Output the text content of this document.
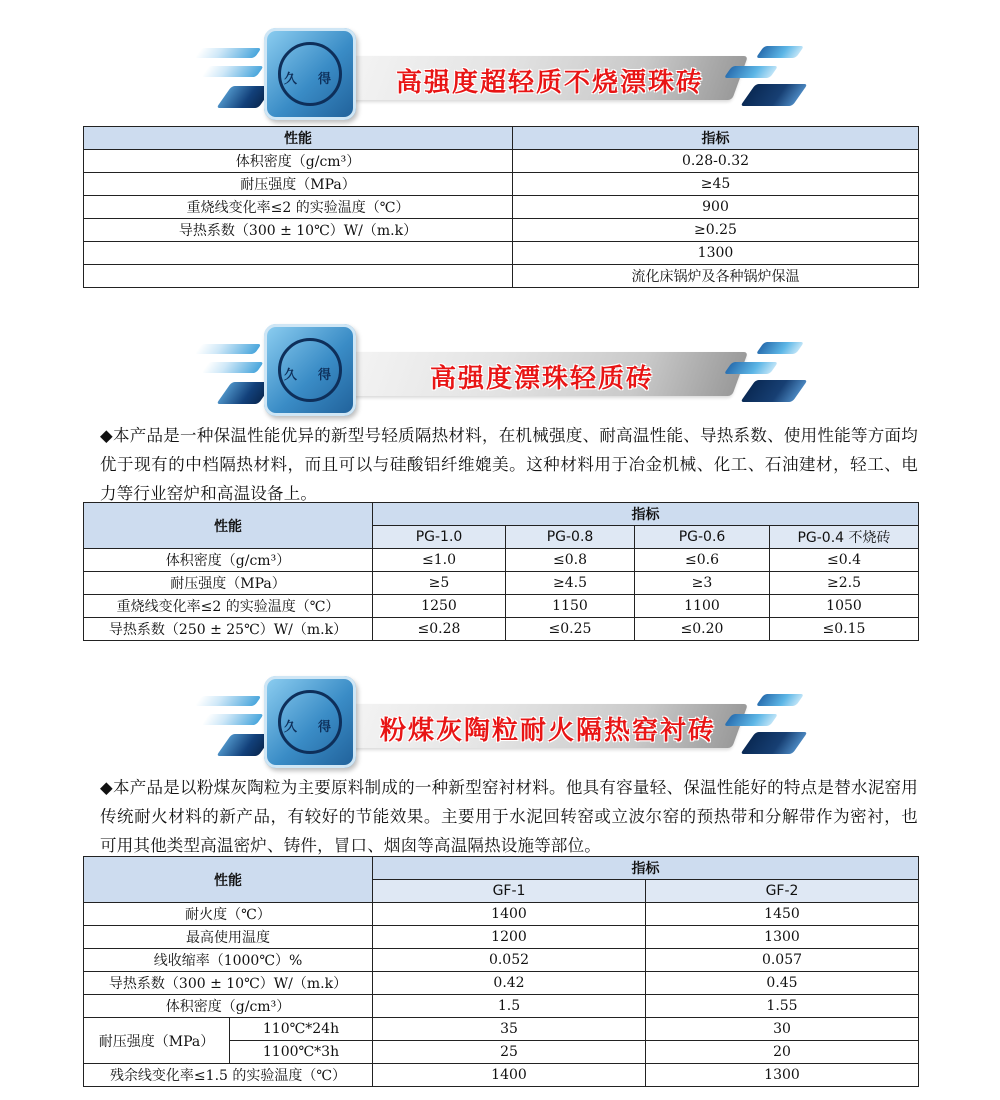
久 得 高强度超轻质不烧漂珠砖
性能	指标
体积密度（g/cm³）	0.28-0.32
耐压强度（MPa）	≥45
重烧线变化率≤2 的实验温度（℃）	900
导热系数（300 ± 10℃）W/（m.k）	≥0.25
	1300
	流化床锅炉及各种锅炉保温
久 得	高强度漂珠轻质砖
◆本产品是一种保温性能优异的新型号轻质隔热材料，在机械强度、耐高温性能、导热系数、使用性能等方面均优于现有的中档隔热材料，而且可以与硅酸铝纤维媲美。这种材料用于冶金机械、化工、石油建材，轻工、电力等行业窑炉和高温设备上。
性能	指标			
	PG-1.0	PG-0.8	PG-0.6	PG-0.4 不烧砖
体积密度（g/cm³）	≤1.0	≤0.8	≤0.6	≤0.4
耐压强度（MPa）	≥5	≥4.5	≥3	≥2.5
重烧线变化率≤2 的实验温度（℃）	1250	1150	1100	1050
导热系数（250 ± 25℃）W/（m.k）	≤0.28	≤0.25	≤0.20	≤0.15
久 得 粉煤灰陶粒耐火隔热窑衬砖
◆本产品是以粉煤灰陶粒为主要原料制成的一种新型窑衬材料。他具有容量轻、保温性能好的特点是替水泥窑用传统耐火材料的新产品，有较好的节能效果。主要用于水泥回转窑或立波尔窑的预热带和分解带作为密衬，也可用其他类型高温密炉、铸件，冒口、烟囱等高温隔热设施等部位。
性能		指标	
		GF-1	GF-2
耐火度（℃）		1400	1450
最高使用温度		1200	1300
线收缩率（1000℃）%		0.052	0.057
导热系数（300 ± 10℃）W/（m.k）		0.42	0.45
体积密度（g/cm³）		1.5	1.55
耐压强度（MPa）	110℃*24h	35	30
	1100℃*3h	25	20
残余线变化率≤1.5 的实验温度（℃）		1400	1300
